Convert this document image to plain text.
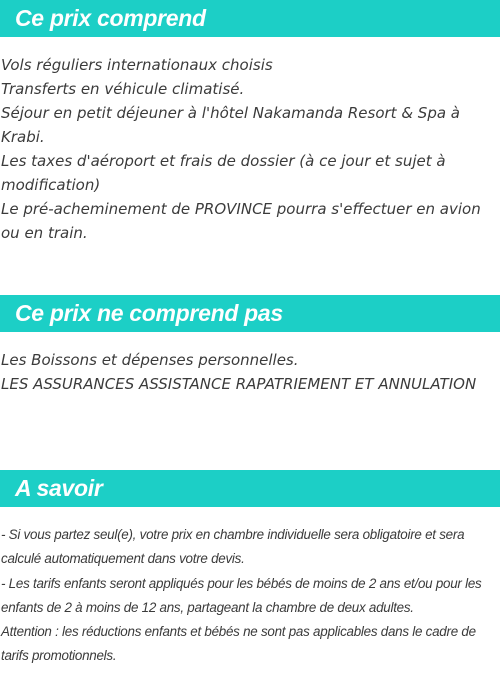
Ce prix comprend

Vols réguliers internationaux choisis

Transferts en véhicule climatisé.

Séjour en petit déjeuner à l'hôtel Nakamanda Resort & Spa à Krabi.

Les taxes d'aéroport et frais de dossier (à ce jour et sujet à modification)

Le pré-acheminement de PROVINCE pourra s'effectuer en avion ou en train.

Ce prix ne comprend pas

Les Boissons et dépenses personnelles.

LES ASSURANCES ASSISTANCE RAPATRIEMENT ET ANNULATION

A savoir

- Si vous partez seul(e), votre prix en chambre individuelle sera obligatoire et sera calculé automatiquement dans votre devis.

- Les tarifs enfants seront appliqués pour les bébés de moins de 2 ans et/ou pour les enfants de 2 à moins de 12 ans, partageant la chambre de deux adultes.

Attention : les réductions enfants et bébés ne sont pas applicables dans le cadre de tarifs promotionnels.
